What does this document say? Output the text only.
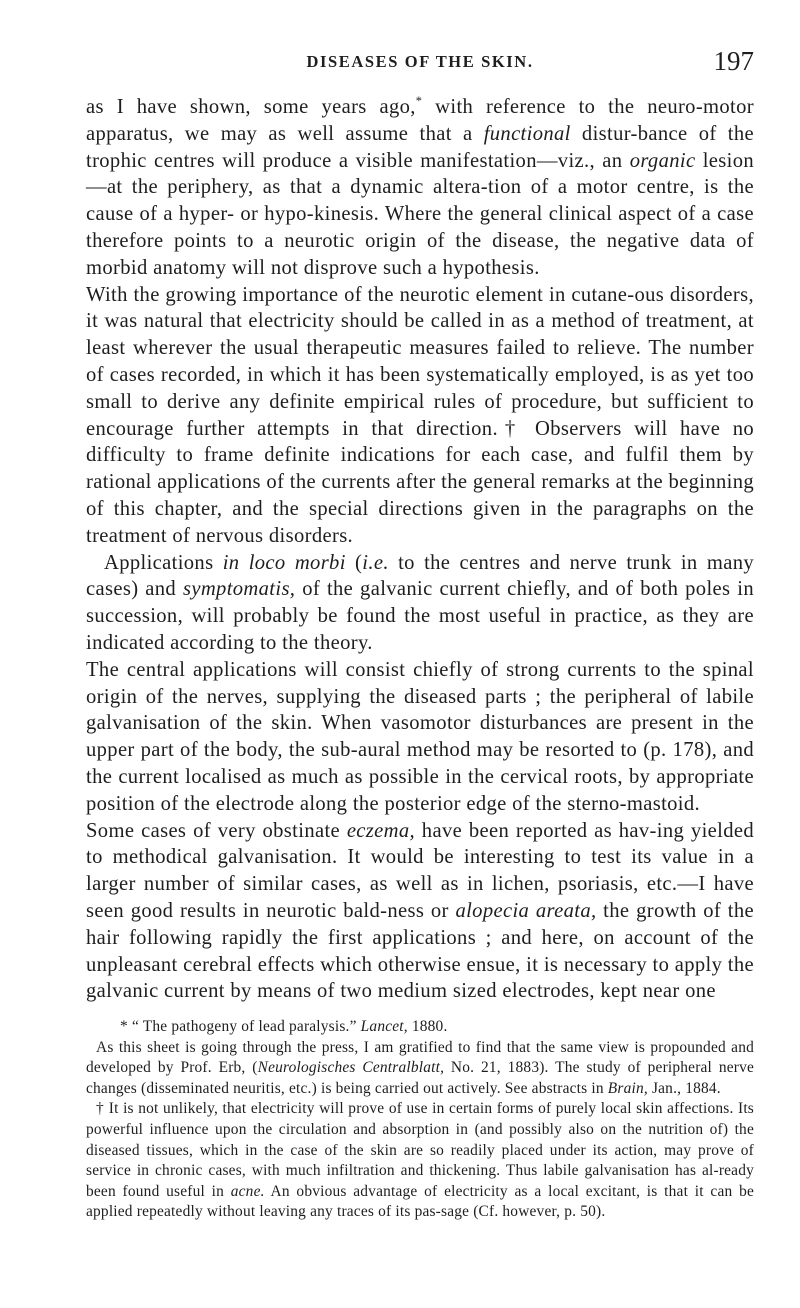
DISEASES OF THE SKIN.	197

as I have shown, some years ago,* with reference to the neuro-motor apparatus, we may as well assume that a functional distur-bance of the trophic centres will produce a visible manifestation—viz., an organic lesion—at the periphery, as that a dynamic altera-tion of a motor centre, is the cause of a hyper- or hypo-kinesis. Where the general clinical aspect of a case therefore points to a neurotic origin of the disease, the negative data of morbid anatomy will not disprove such a hypothesis.

With the growing importance of the neurotic element in cutane-ous disorders, it was natural that electricity should be called in as a method of treatment, at least wherever the usual therapeutic measures failed to relieve. The number of cases recorded, in which it has been systematically employed, is as yet too small to derive any definite empirical rules of procedure, but sufficient to encourage further attempts in that direction.† Observers will have no difficulty to frame definite indications for each case, and fulfil them by rational applications of the currents after the general remarks at the beginning of this chapter, and the special directions given in the paragraphs on the treatment of nervous disorders.

Applications in loco morbi (i.e. to the centres and nerve trunk in many cases) and symptomatis, of the galvanic current chiefly, and of both poles in succession, will probably be found the most useful in practice, as they are indicated according to the theory.

The central applications will consist chiefly of strong currents to the spinal origin of the nerves, supplying the diseased parts ; the peripheral of labile galvanisation of the skin. When vasomotor disturbances are present in the upper part of the body, the sub-aural method may be resorted to (p. 178), and the current localised as much as possible in the cervical roots, by appropriate position of the electrode along the posterior edge of the sterno-mastoid.

Some cases of very obstinate eczema, have been reported as hav-ing yielded to methodical galvanisation. It would be interesting to test its value in a larger number of similar cases, as well as in lichen, psoriasis, etc.—I have seen good results in neurotic bald-ness or alopecia areata, the growth of the hair following rapidly the first applications ; and here, on account of the unpleasant cerebral effects which otherwise ensue, it is necessary to apply the galvanic current by means of two medium sized electrodes, kept near one

* “ The pathogeny of lead paralysis.” Lancet, 1880.

As this sheet is going through the press, I am gratified to find that the same view is propounded and developed by Prof. Erb, (Neurologisches Centralblatt, No. 21, 1883). The study of peripheral nerve changes (disseminated neuritis, etc.) is being carried out actively. See abstracts in Brain, Jan., 1884.

† It is not unlikely, that electricity will prove of use in certain forms of purely local skin affections. Its powerful influence upon the circulation and absorption in (and possibly also on the nutrition of) the diseased tissues, which in the case of the skin are so readily placed under its action, may prove of service in chronic cases, with much infiltration and thickening. Thus labile galvanisation has al-ready been found useful in acne. An obvious advantage of electricity as a local excitant, is that it can be applied repeatedly without leaving any traces of its pas-sage (Cf. however, p. 50).
